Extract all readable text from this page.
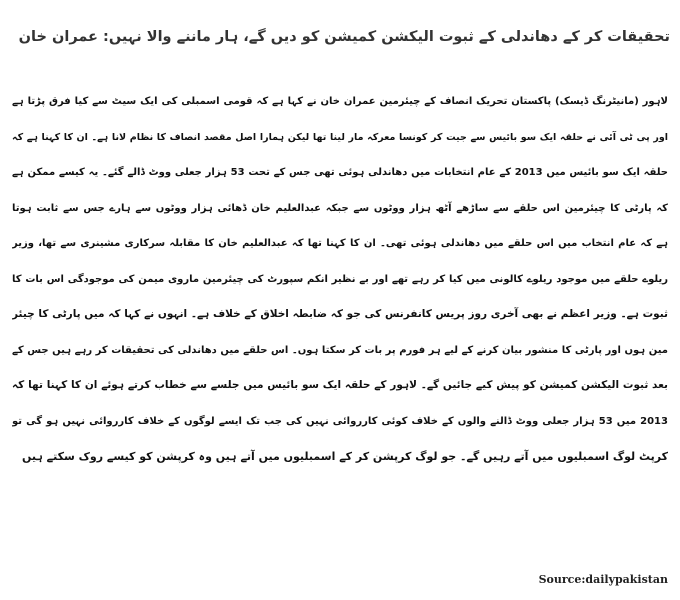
تحقیقات کر کے دھاندلی کے ثبوت الیکشن کمیشن کو دیں گے، ہار ماننے والا نہیں: عمران خان
لاہور (مانیٹرنگ ڈیسک) پاکستان تحریک انصاف کے چیئرمین عمران خان نے کہا ہے کہ قومی اسمبلی کی ایک سیٹ سے کیا فرق پڑتا ہے
اور پی ٹی آئی نے حلقہ ایک سو بائیس سے جیت کر کونسا معرکہ مار لینا تھا لیکن ہمارا اصل مقصد انصاف کا نظام لانا ہے۔ ان کا کہنا ہے کہ
حلقہ ایک سو بائیس میں 2013 کے عام انتخابات میں دھاندلی ہوئی تھی جس کے تحت 53 ہزار جعلی ووٹ ڈالے گئے۔ یہ کیسے ممکن ہے
کہ پارٹی کا چیئرمین اس حلقے سے ساڑھے آٹھ ہزار ووٹوں سے جبکہ عبدالعلیم خان ڈھائی ہزار ووٹوں سے ہارے جس سے ثابت ہوتا
ہے کہ عام انتخاب میں اس حلقے میں دھاندلی ہوئی تھی۔ ان کا کہنا تھا کہ عبدالعلیم خان کا مقابلہ سرکاری مشینری سے تھا، وزیر
ریلوے حلقے میں موجود ریلوے کالونی میں کیا کر رہے تھے اور بے نظیر انکم سپورٹ کی چیئرمین ماروی میمن کی موجودگی اس بات کا
ثبوت ہے۔ وزیر اعظم نے بھی آخری روز پریس کانفرنس کی جو کہ ضابطہ اخلاق کے خلاف ہے۔ انہوں نے کہا کہ میں پارٹی کا چیئر
مین ہوں اور پارٹی کا منشور بیان کرنے کے لیے ہر فورم پر بات کر سکتا ہوں۔ اس حلقے میں دھاندلی کی تحقیقات کر رہے ہیں جس کے
بعد ثبوت الیکشن کمیشن کو پیش کیے جائیں گے۔ لاہور کے حلقہ ایک سو بائیس میں جلسے سے خطاب کرتے ہوئے ان کا کہنا تھا کہ
2013 میں 53 ہزار جعلی ووٹ ڈالنے والوں کے خلاف کوئی کارروائی نہیں کی جب تک ایسے لوگوں کے خلاف کارروائی نہیں ہو گی تو
کرپٹ لوگ اسمبلیوں میں آتے رہیں گے۔ جو لوگ کرپشن کر کے اسمبلیوں میں آتے ہیں وہ کرپشن کو کیسے روک سکتے ہیں
Source:dailypakistan
